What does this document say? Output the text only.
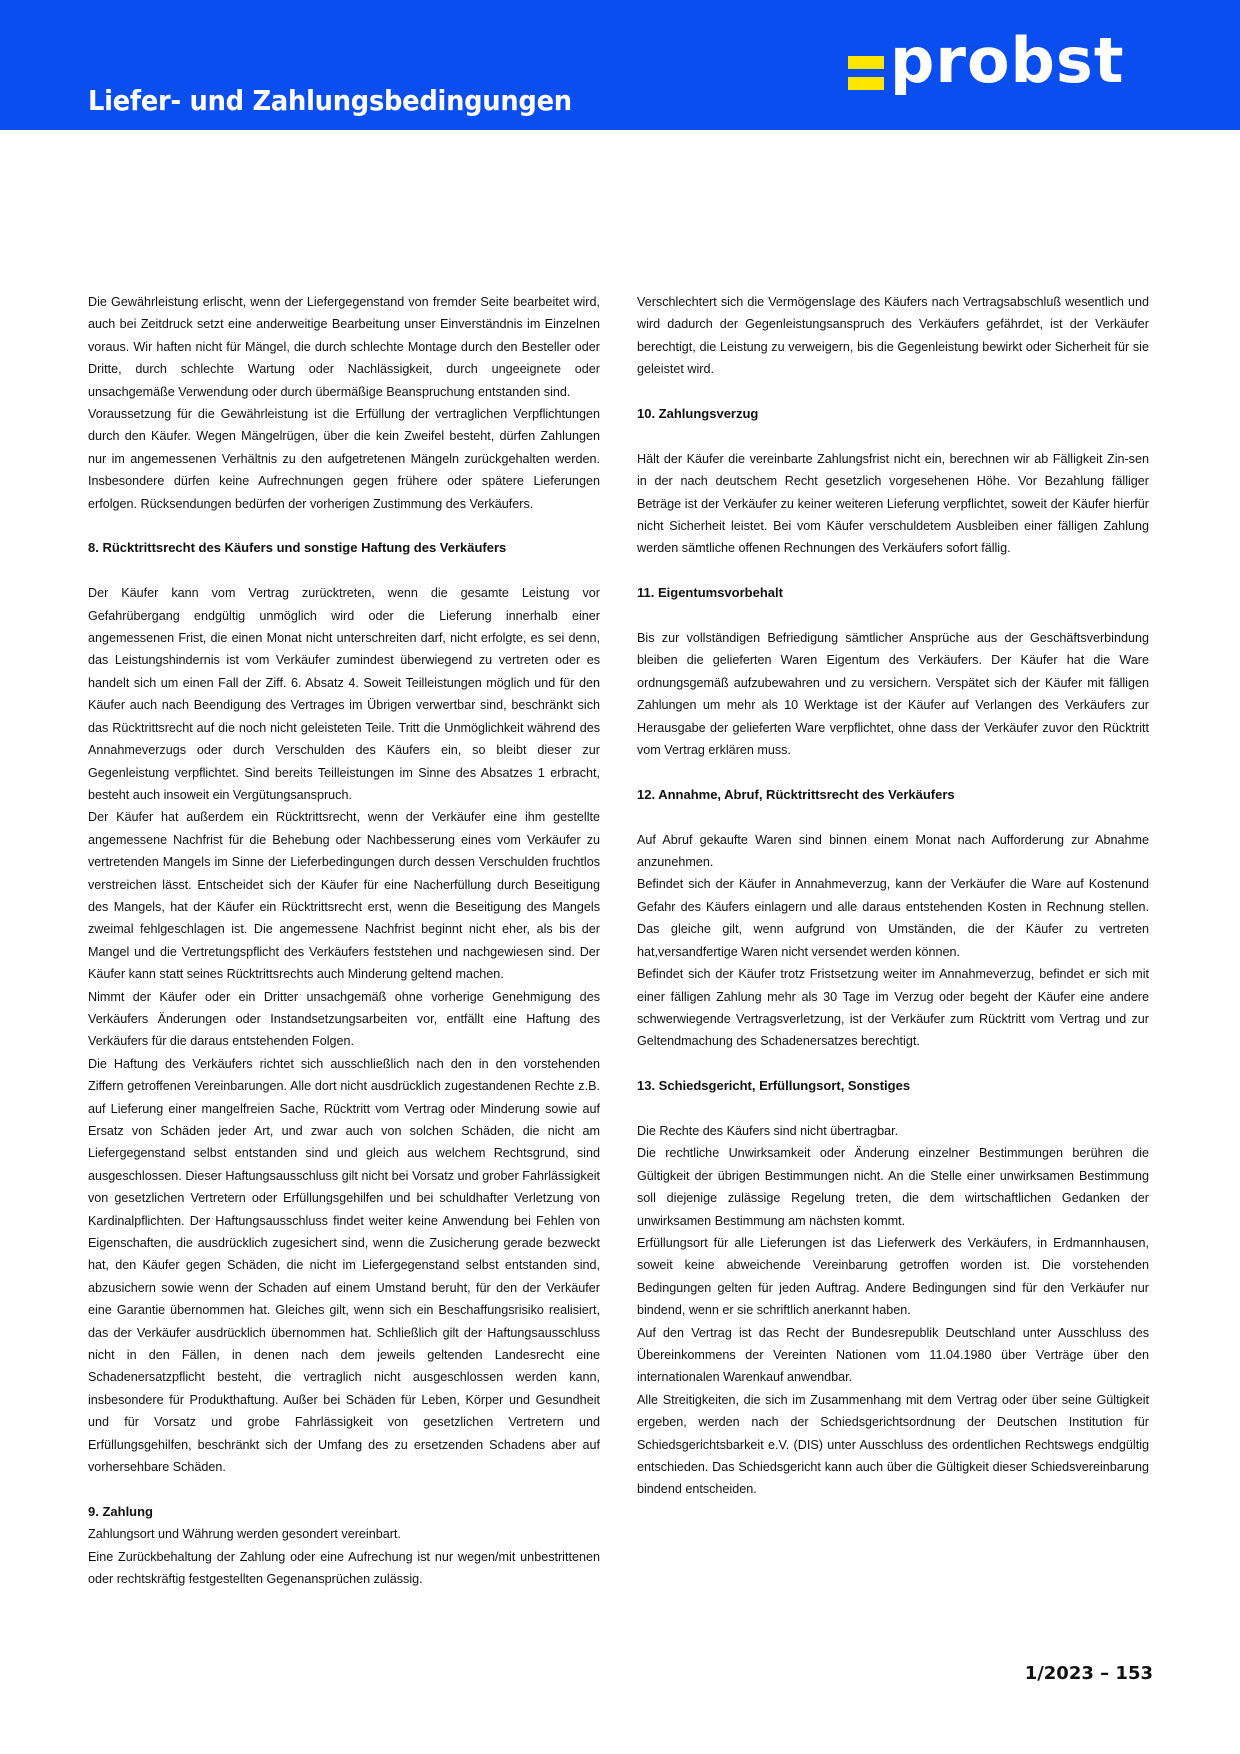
Liefer- und Zahlungsbedingungen
probst

Die Gewährleistung erlischt, wenn der Liefergegenstand von fremder Seite bearbeitet wird, auch bei Zeitdruck setzt eine anderweitige Bearbeitung unser Einverständnis im Einzelnen voraus. Wir haften nicht für Mängel, die durch schlechte Montage durch den Besteller oder Dritte, durch schlechte Wartung oder Nachlässigkeit, durch ungeeignete oder unsachgemäße Verwendung oder durch übermäßige Beanspruchung entstanden sind.

Voraussetzung für die Gewährleistung ist die Erfüllung der vertraglichen Verpflichtungen durch den Käufer. Wegen Mängelrügen, über die kein Zweifel besteht, dürfen Zahlungen nur im angemessenen Verhältnis zu den aufgetretenen Mängeln zurückgehalten werden. Insbesondere dürfen keine Aufrechnungen gegen frühere oder spätere Lieferungen erfolgen. Rücksendungen bedürfen der vorherigen Zustimmung des Verkäufers.

8. Rücktrittsrecht des Käufers und sonstige Haftung des Verkäufers

Der Käufer kann vom Vertrag zurücktreten, wenn die gesamte Leistung vor Gefahrübergang endgültig unmöglich wird oder die Lieferung innerhalb einer angemessenen Frist, die einen Monat nicht unterschreiten darf, nicht erfolgte, es sei denn, das Leistungshindernis ist vom Verkäufer zumindest überwiegend zu vertreten oder es handelt sich um einen Fall der Ziff. 6. Absatz 4. Soweit Teilleistungen möglich und für den Käufer auch nach Beendigung des Vertrages im Übrigen verwertbar sind, beschränkt sich das Rücktrittsrecht auf die noch nicht geleisteten Teile. Tritt die Unmöglichkeit während des Annahmeverzugs oder durch Verschulden des Käufers ein, so bleibt dieser zur Gegenleistung verpflichtet. Sind bereits Teilleistungen im Sinne des Absatzes 1 erbracht, besteht auch insoweit ein Vergütungsanspruch.

Der Käufer hat außerdem ein Rücktrittsrecht, wenn der Verkäufer eine ihm gestellte angemessene Nachfrist für die Behebung oder Nachbesserung eines vom Verkäufer zu vertretenden Mangels im Sinne der Lieferbedingungen durch dessen Verschulden fruchtlos verstreichen lässt. Entscheidet sich der Käufer für eine Nacherfüllung durch Beseitigung des Mangels, hat der Käufer ein Rücktrittsrecht erst, wenn die Beseitigung des Mangels zweimal fehlgeschlagen ist. Die angemessene Nachfrist beginnt nicht eher, als bis der Mangel und die Vertretungspflicht des Verkäufers feststehen und nachgewiesen sind. Der Käufer kann statt seines Rücktrittsrechts auch Minderung geltend machen.

Nimmt der Käufer oder ein Dritter unsachgemäß ohne vorherige Genehmigung des Verkäufers Änderungen oder Instandsetzungsarbeiten vor, entfällt eine Haftung des Verkäufers für die daraus entstehenden Folgen.

Die Haftung des Verkäufers richtet sich ausschließlich nach den in den vorstehenden Ziffern getroffenen Vereinbarungen. Alle dort nicht ausdrücklich zugestandenen Rechte z.B. auf Lieferung einer mangelfreien Sache, Rücktritt vom Vertrag oder Minderung sowie auf Ersatz von Schäden jeder Art, und zwar auch von solchen Schäden, die nicht am Liefergegenstand selbst entstanden sind und gleich aus welchem Rechtsgrund, sind ausgeschlossen. Dieser Haftungsausschluss gilt nicht bei Vorsatz und grober Fahrlässigkeit von gesetzlichen Vertretern oder Erfüllungsgehilfen und bei schuldhafter Verletzung von Kardinalpflichten. Der Haftungsausschluss findet weiter keine Anwendung bei Fehlen von Eigenschaften, die ausdrücklich zugesichert sind, wenn die Zusicherung gerade bezweckt hat, den Käufer gegen Schäden, die nicht im Liefergegenstand selbst entstanden sind, abzusichern sowie wenn der Schaden auf einem Umstand beruht, für den der Verkäufer eine Garantie übernommen hat. Gleiches gilt, wenn sich ein Beschaffungsrisiko realisiert, das der Verkäufer ausdrücklich übernommen hat. Schließlich gilt der Haftungsausschluss nicht in den Fällen, in denen nach dem jeweils geltenden Landesrecht eine Schadenersatzpflicht besteht, die vertraglich nicht ausgeschlossen werden kann, insbesondere für Produkthaftung. Außer bei Schäden für Leben, Körper und Gesundheit und für Vorsatz und grobe Fahrlässigkeit von gesetzlichen Vertretern und Erfüllungsgehilfen, beschränkt sich der Umfang des zu ersetzenden Schadens aber auf vorhersehbare Schäden.

9. Zahlung

Zahlungsort und Währung werden gesondert vereinbart.

Eine Zurückbehaltung der Zahlung oder eine Aufrechung ist nur wegen/mit unbestrittenen oder rechtskräftig festgestellten Gegenansprüchen zulässig.

Verschlechtert sich die Vermögenslage des Käufers nach Vertragsabschluß wesentlich und wird dadurch der Gegenleistungsanspruch des Verkäufers gefährdet, ist der Verkäufer berechtigt, die Leistung zu verweigern, bis die Gegenleistung bewirkt oder Sicherheit für sie geleistet wird.

10. Zahlungsverzug

Hält der Käufer die vereinbarte Zahlungsfrist nicht ein, berechnen wir ab Fälligkeit Zin-sen in der nach deutschem Recht gesetzlich vorgesehenen Höhe. Vor Bezahlung fälliger Beträge ist der Verkäufer zu keiner weiteren Lieferung verpflichtet, soweit der Käufer hierfür nicht Sicherheit leistet. Bei vom Käufer verschuldetem Ausbleiben einer fälligen Zahlung werden sämtliche offenen Rechnungen des Verkäufers sofort fällig.

11. Eigentumsvorbehalt

Bis zur vollständigen Befriedigung sämtlicher Ansprüche aus der Geschäftsverbindung bleiben die gelieferten Waren Eigentum des Verkäufers. Der Käufer hat die Ware ordnungsgemäß aufzubewahren und zu versichern. Verspätet sich der Käufer mit fälligen Zahlungen um mehr als 10 Werktage ist der Käufer auf Verlangen des Verkäufers zur Herausgabe der gelieferten Ware verpflichtet, ohne dass der Verkäufer zuvor den Rücktritt vom Vertrag erklären muss.

12. Annahme, Abruf, Rücktrittsrecht des Verkäufers

Auf Abruf gekaufte Waren sind binnen einem Monat nach Aufforderung zur Abnahme anzunehmen.

Befindet sich der Käufer in Annahmeverzug, kann der Verkäufer die Ware auf Kostenund Gefahr des Käufers einlagern und alle daraus entstehenden Kosten in Rechnung stellen. Das gleiche gilt, wenn aufgrund von Umständen, die der Käufer zu vertreten hat,versandfertige Waren nicht versendet werden können.

Befindet sich der Käufer trotz Fristsetzung weiter im Annahmeverzug, befindet er sich mit einer fälligen Zahlung mehr als 30 Tage im Verzug oder begeht der Käufer eine andere schwerwiegende Vertragsverletzung, ist der Verkäufer zum Rücktritt vom Vertrag und zur Geltendmachung des Schadenersatzes berechtigt.

13. Schiedsgericht, Erfüllungsort, Sonstiges

Die Rechte des Käufers sind nicht übertragbar.

Die rechtliche Unwirksamkeit oder Änderung einzelner Bestimmungen berühren die Gültigkeit der übrigen Bestimmungen nicht. An die Stelle einer unwirksamen Bestimmung soll diejenige zulässige Regelung treten, die dem wirtschaftlichen Gedanken der unwirksamen Bestimmung am nächsten kommt.

Erfüllungsort für alle Lieferungen ist das Lieferwerk des Verkäufers, in Erdmannhausen, soweit keine abweichende Vereinbarung getroffen worden ist. Die vorstehenden Bedingungen gelten für jeden Auftrag. Andere Bedingungen sind für den Verkäufer nur bindend, wenn er sie schriftlich anerkannt haben.

Auf den Vertrag ist das Recht der Bundesrepublik Deutschland unter Ausschluss des Übereinkommens der Vereinten Nationen vom 11.04.1980 über Verträge über den internationalen Warenkauf anwendbar.

Alle Streitigkeiten, die sich im Zusammenhang mit dem Vertrag oder über seine Gültigkeit ergeben, werden nach der Schiedsgerichtsordnung der Deutschen Institution für Schiedsgerichtsbarkeit e.V. (DIS) unter Ausschluss des ordentlichen Rechtswegs endgültig entschieden. Das Schiedsgericht kann auch über die Gültigkeit dieser Schiedsvereinbarung bindend entscheiden.

1/2023 – 153
